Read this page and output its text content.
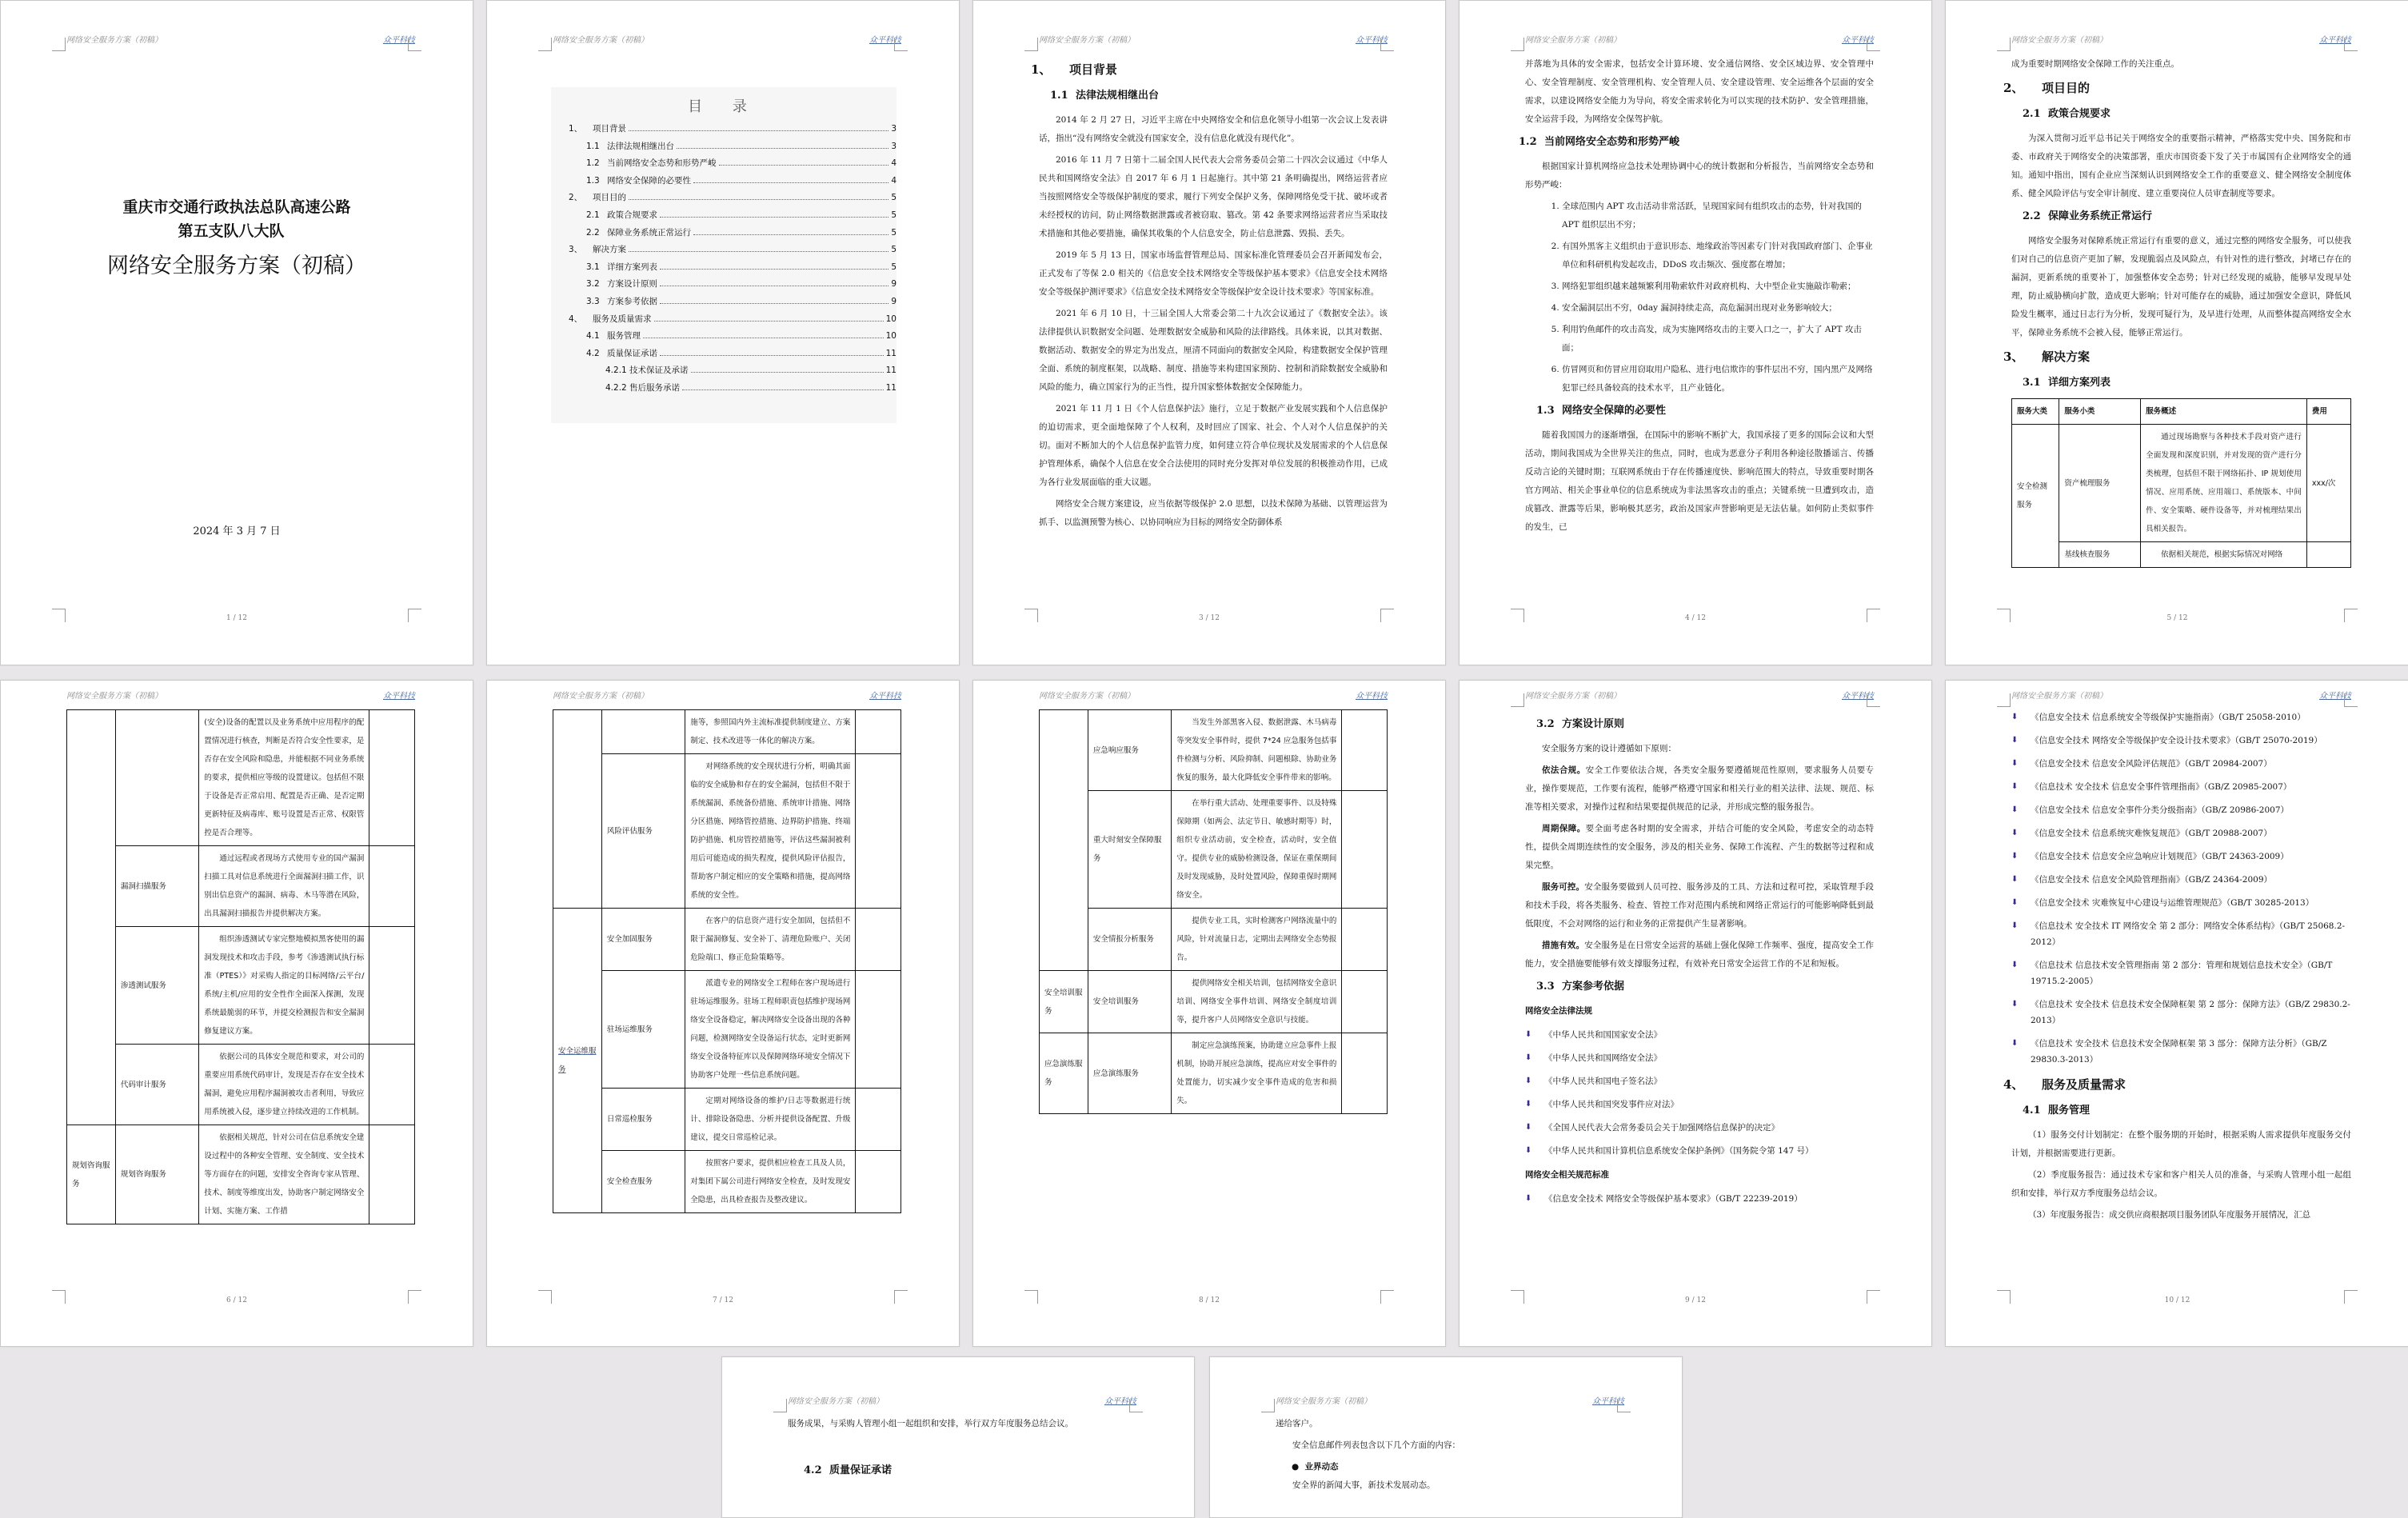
网络安全服务方案（初稿）	众平科技
重庆市交通行政执法总队高速公路
第五支队八大队
网络安全服务方案（初稿）
2024 年 3 月 7 日
1 / 12
网络安全服务方案（初稿）	众平科技
目 录
1、 项目背景	3
1.1 法律法规相继出台	3
1.2 当前网络安全态势和形势严峻	4
1.3 网络安全保障的必要性	4
2、 项目目的	5
2.1 政策合规要求	5
2.2 保障业务系统正常运行	5
3、 解决方案	5
3.1 详细方案列表	5
3.2 方案设计原则	9
3.3 方案参考依据	9
4、 服务及质量需求	10
4.1 服务管理	10
4.2 质量保证承诺	11
4.2.1 技术保证及承诺	11
4.2.2 售后服务承诺	11
网络安全服务方案（初稿）	众平科技
1、 项目背景
1.1 法律法规相继出台

2014 年 2 月 27 日，习近平主席在中央网络安全和信息化领导小组第一次会议上发表讲话，指出“没有网络安全就没有国家安全，没有信息化就没有现代化”。

2016 年 11 月 7 日第十二届全国人民代表大会常务委员会第二十四次会议通过《中华人民共和国网络安全法》自 2017 年 6 月 1 日起施行。其中第 21 条明确提出，网络运营者应当按照网络安全等级保护制度的要求，履行下列安全保护义务，保障网络免受干扰、破坏或者未经授权的访问，防止网络数据泄露或者被窃取、篡改。第 42 条要求网络运营者应当采取技术措施和其他必要措施，确保其收集的个人信息安全，防止信息泄露、毁损、丢失。

2019 年 5 月 13 日，国家市场监督管理总局、国家标准化管理委员会召开新闻发布会，正式发布了等保 2.0 相关的《信息安全技术网络安全等级保护基本要求》《信息安全技术网络安全等级保护测评要求》《信息安全技术网络安全等级保护安全设计技术要求》等国家标准。

2021 年 6 月 10 日，十三届全国人大常委会第二十九次会议通过了《数据安全法》。该法律提供认识数据安全问题、处理数据安全威胁和风险的法律路线。具体来说，以其对数据、数据活动、数据安全的界定为出发点，厘清不同面向的数据安全风险，构建数据安全保护管理全面、系统的制度框架，以战略、制度、措施等来构建国家预防、控制和消除数据安全威胁和风险的能力，确立国家行为的正当性，提升国家整体数据安全保障能力。

2021 年 11 月 1 日《个人信息保护法》施行，立足于数据产业发展实践和个人信息保护的迫切需求，更全面地保障了个人权利，及时回应了国家、社会、个人对个人信息保护的关切。面对不断加大的个人信息保护监管力度，如何建立符合单位现状及发展需求的个人信息保护管理体系，确保个人信息在安全合法使用的同时充分发挥对单位发展的积极推动作用，已成为各行业发展面临的重大议题。

网络安全合规方案建设，应当依据等级保护 2.0 思想，以技术保障为基础、以管理运营为抓手、以监测预警为核心、以协同响应为目标的网络安全防御体系

3 / 12
网络安全服务方案（初稿）	众平科技

并落地为具体的安全需求，包括安全计算环境、安全通信网络、安全区域边界、安全管理中心、安全管理制度、安全管理机构、安全管理人员、安全建设管理、安全运维各个层面的安全需求，以建设网络安全能力为导向，将安全需求转化为可以实现的技术防护、安全管理措施，安全运营手段，为网络安全保驾护航。

1.2 当前网络安全态势和形势严峻

根据国家计算机网络应急技术处理协调中心的统计数据和分析报告，当前网络安全态势和形势严峻：

1. 全球范围内 APT 攻击活动非常活跃，呈现国家间有组织攻击的态势，针对我国的 APT 组织层出不穷；
2. 有国外黑客主义组织由于意识形态、地缘政治等因素专门针对我国政府部门、企事业单位和科研机构发起攻击，DDoS 攻击频次、强度都在增加；
3. 网络犯罪组织越来越频繁利用勒索软件对政府机构、大中型企业实施敲诈勒索；
4. 安全漏洞层出不穷，0day 漏洞持续走高，高危漏洞出现对业务影响较大；
5. 利用钓鱼邮件的攻击高发，成为实施网络攻击的主要入口之一，扩大了 APT 攻击面；
6. 仿冒网页和仿冒应用窃取用户隐私、进行电信欺诈的事件层出不穷，国内黑产及网络犯罪已经具备较高的技术水平，且产业链化。
1.3 网络安全保障的必要性

随着我国国力的逐渐增强，在国际中的影响不断扩大，我国承接了更多的国际会议和大型活动，期间我国成为全世界关注的焦点，同时，也成为恶意分子利用各种途径散播谣言、传播反动言论的关键时期；互联网系统由于存在传播速度快、影响范围大的特点，导致重要时期各官方网站、相关企事业单位的信息系统成为非法黑客攻击的重点；关键系统一旦遭到攻击，造成篡改、泄露等后果，影响极其恶劣，政治及国家声誉影响更是无法估量。如何防止类似事件的发生，已

4 / 12
网络安全服务方案（初稿）	众平科技

成为重要时期网络安全保障工作的关注重点。

2、 项目目的
2.1 政策合规要求

为深入贯彻习近平总书记关于网络安全的重要指示精神，严格落实党中央、国务院和市委、市政府关于网络安全的决策部署，重庆市国资委下发了关于市属国有企业网络安全的通知。通知中指出，国有企业应当深刻认识到网络安全工作的重要意义、健全网络安全制度体系、健全风险评估与安全审计制度、建立重要岗位人员审查制度等要求。

2.2 保障业务系统正常运行

网络安全服务对保障系统正常运行有重要的意义，通过完整的网络安全服务，可以使我们对自己的信息资产更加了解，发现脆弱点及风险点，有针对性的进行整改，封堵已存在的漏洞，更新系统的重要补丁，加强整体安全态势；针对已经发现的威胁，能够早发现早处理，防止威胁横向扩散，造成更大影响；针对可能存在的威胁，通过加强安全意识，降低风险发生概率，通过日志行为分析，发现可疑行为，及早进行处理，从而整体提高网络安全水平，保障业务系统不会被入侵，能够正常运行。

3、 解决方案
3.1 详细方案列表
服务大类	服务小类	服务概述	费用
安全检测服务	资产梳理服务	通过现场勘察与各种技术手段对资产进行全面发现和深度识别，并对发现的资产进行分类梳理，包括但不限于网络拓扑、IP 规划使用情况、应用系统、应用端口、系统版本、中间件、安全策略、硬件设备等，并对梳理结果出具相关报告。	xxx/次
	基线核查服务	依据相关规范，根据实际情况对网络	
5 / 12
网络安全服务方案（初稿）	众平科技
		(安全)设备的配置以及业务系统中应用程序的配置情况进行核查，判断是否符合安全性要求，是否存在安全风险和隐患，并能根据不同业务系统的要求，提供相应等级的设置建议。包括但不限于设备是否正常启用、配置是否正确、是否定期更新特征及病毒库、账号设置是否正常、权限管控是否合理等。	
	漏洞扫描服务	通过远程或者现场方式使用专业的国产漏洞扫描工具对信息系统进行全面漏洞扫描工作，识别出信息资产的漏洞、病毒、木马等潜在风险，出具漏洞扫描报告并提供解决方案。	
	渗透测试服务	组织渗透测试专家完整地模拟黑客使用的漏洞发现技术和攻击手段，参考《渗透测试执行标准（PTES）》对采购人指定的目标网络/云平台/系统/主机/应用的安全性作全面深入探测，发现系统最脆弱的环节，并提交检测报告和安全漏洞修复建议方案。	
	代码审计服务	依据公司的具体安全规范和要求，对公司的重要应用系统代码审计，发现是否存在安全技术漏洞，避免应用程序漏洞被攻击者利用，导致应用系统被入侵，逐步建立持续改进的工作机制。	
规划咨询服务	规划咨询服务	依据相关规范，针对公司在信息系统安全建设过程中的各种安全管理、安全制度、安全技术等方面存在的问题，安排安全咨询专家从管理、技术、制度等维度出发，协助客户制定网络安全计划、实施方案、工作措	
6 / 12
网络安全服务方案（初稿）	众平科技
		施等，参照国内外主流标准提供制度建立、方案制定、技术改进等一体化的解决方案。	
	风险评估服务	对网络系统的安全现状进行分析，明确其面临的安全威胁和存在的安全漏洞，包括但不限于系统漏洞、系统备份措施、系统审计措施、网络分区措施、网络管控措施、边界防护措施、终端防护措施、机房管控措施等，评估这些漏洞被利用后可能造成的损失程度，提供风险评估报告，帮助客户制定相应的安全策略和措施，提高网络系统的安全性。	
安全运维服务	安全加固服务	在客户的信息资产进行安全加固，包括但不限于漏洞修复、安全补丁、清理危险账户、关闭危险端口、修正危险策略等。	
	驻场运维服务	派遣专业的网络安全工程师在客户现场进行驻场运维服务。驻场工程师职责包括维护现场网络安全设备稳定，解决网络安全设备出现的各种问题，检测网络安全设备运行状态，定时更新网络安全设备特征库以及保障网络环境安全情况下协助客户处理一些信息系统问题。	
	日常巡检服务	定期对网络设备的维护/日志等数据进行统计、排除设备隐患、分析并提供设备配置、升级建议，提交日常巡检记录。	
	安全检查服务	按照客户要求，提供相应检查工具及人员，对集团下属公司进行网络安全检查，及时发现安全隐患，出具检查报告及整改建议。	
7 / 12
网络安全服务方案（初稿）	众平科技
	应急响应服务	当发生外部黑客入侵、数据泄露、木马病毒等突发安全事件时，提供 7*24 应急服务包括事件检测与分析、风险抑制、问题根除、协助业务恢复的服务，最大化降低安全事件带来的影响。	
	重大时刻安全保障服务	在举行重大活动、处理重要事件、以及特殊保障期（如两会、法定节日、敏感时期等）时，组织专业活动前，安全检查，活动时，安全值守。提供专业的威胁检测设备，保证在重保期间及时发现威胁，及时处置风险，保障重保时期网络安全。	
	安全情报分析服务	提供专业工具，实时检测客户网络流量中的风险，针对流量日志，定期出去网络安全态势报告。	
安全培训服务	安全培训服务	提供网络安全相关培训，包括网络安全意识培训、网络安全事件培训、网络安全制度培训等，提升客户人员网络安全意识与技能。	
应急演练服务	应急演练服务	制定应急演练预案，协助建立应急事件上报机制，协助开展应急演练，提高应对安全事件的处置能力，切实减少安全事件造成的危害和损失。	
8 / 12
网络安全服务方案（初稿）	众平科技
3.2 方案设计原则

安全服务方案的设计遵循如下原则：

依法合规。安全工作要依法合规，各类安全服务要遵循规范性原则，要求服务人员要专业，操作要规范，工作要有流程，能够严格遵守国家和相关行业的相关法律、法规、规范、标准等相关要求，对操作过程和结果要提供规范的记录，并形成完整的服务报告。

周期保障。要全面考虑各时期的安全需求，并结合可能的安全风险，考虑安全的动态特性，提供全周期连续性的安全服务，涉及的相关业务、保障工作流程、产生的数据等过程和成果完整。

服务可控。安全服务要做到人员可控、服务涉及的工具、方法和过程可控，采取管理手段和技术手段，将各类服务、检查、管控工作对范围内系统和网络正常运行的可能影响降低到最低限度，不会对网络的运行和业务的正常提供产生显著影响。

措施有效。安全服务是在日常安全运营的基础上强化保障工作频率、强度，提高安全工作能力，安全措施要能够有效支撑服务过程，有效补充日常安全运营工作的不足和短板。

3.3 方案参考依据
网络安全法律法规
⬇ 《中华人民共和国国家安全法》
⬇ 《中华人民共和国网络安全法》
⬇ 《中华人民共和国电子签名法》
⬇ 《中华人民共和国突发事件应对法》
⬇ 《全国人民代表大会常务委员会关于加强网络信息保护的决定》
⬇ 《中华人民共和国计算机信息系统安全保护条例》（国务院令第 147 号）
网络安全相关规范标准
⬇ 《信息安全技术 网络安全等级保护基本要求》（GB/T 22239-2019）
9 / 12
网络安全服务方案（初稿）	众平科技
⬇ 《信息安全技术 信息系统安全等级保护实施指南》（GB/T 25058-2010）
⬇ 《信息安全技术 网络安全等级保护安全设计技术要求》（GB/T 25070-2019）
⬇ 《信息安全技术 信息安全风险评估规范》（GB/T 20984-2007）
⬇ 《信息技术 安全技术 信息安全事件管理指南》（GB/Z 20985-2007）
⬇ 《信息安全技术 信息安全事件分类分级指南》（GB/Z 20986-2007）
⬇ 《信息安全技术 信息系统灾难恢复规范》（GB/T 20988-2007）
⬇ 《信息安全技术 信息安全应急响应计划规范》（GB/T 24363-2009）
⬇ 《信息安全技术 信息安全风险管理指南》（GB/Z 24364-2009）
⬇ 《信息安全技术 灾难恢复中心建设与运维管理规范》（GB/T 30285-2013）
⬇ 《信息技术 安全技术 IT 网络安全 第 2 部分：网络安全体系结构》（GB/T 25068.2-2012）
⬇ 《信息技术 信息技术安全管理指南 第 2 部分：管理和规划信息技术安全》（GB/T 19715.2-2005）
⬇ 《信息技术 安全技术 信息技术安全保障框架 第 2 部分：保障方法》（GB/Z 29830.2-2013）
⬇ 《信息技术 安全技术 信息技术安全保障框架 第 3 部分：保障方法分析》（GB/Z 29830.3-2013）
4、 服务及质量需求
4.1 服务管理

（1）服务交付计划制定：在整个服务期的开始时，根据采购人需求提供年度服务交付计划，并根据需要进行更新。

（2）季度服务报告：通过技术专家和客户相关人员的准备，与采购人管理小组一起组织和安排，举行双方季度服务总结会议。

（3）年度服务报告：成交供应商根据项目服务团队年度服务开展情况，汇总

10 / 12
网络安全服务方案（初稿）	众平科技

服务成果，与采购人管理小组一起组织和安排，举行双方年度服务总结会议。

4.2 质量保证承诺
网络安全服务方案（初稿）	众平科技

递给客户。

安全信息邮件列表包含以下几个方面的内容：

●  业界动态

安全界的新闻大事，新技术发展动态。
